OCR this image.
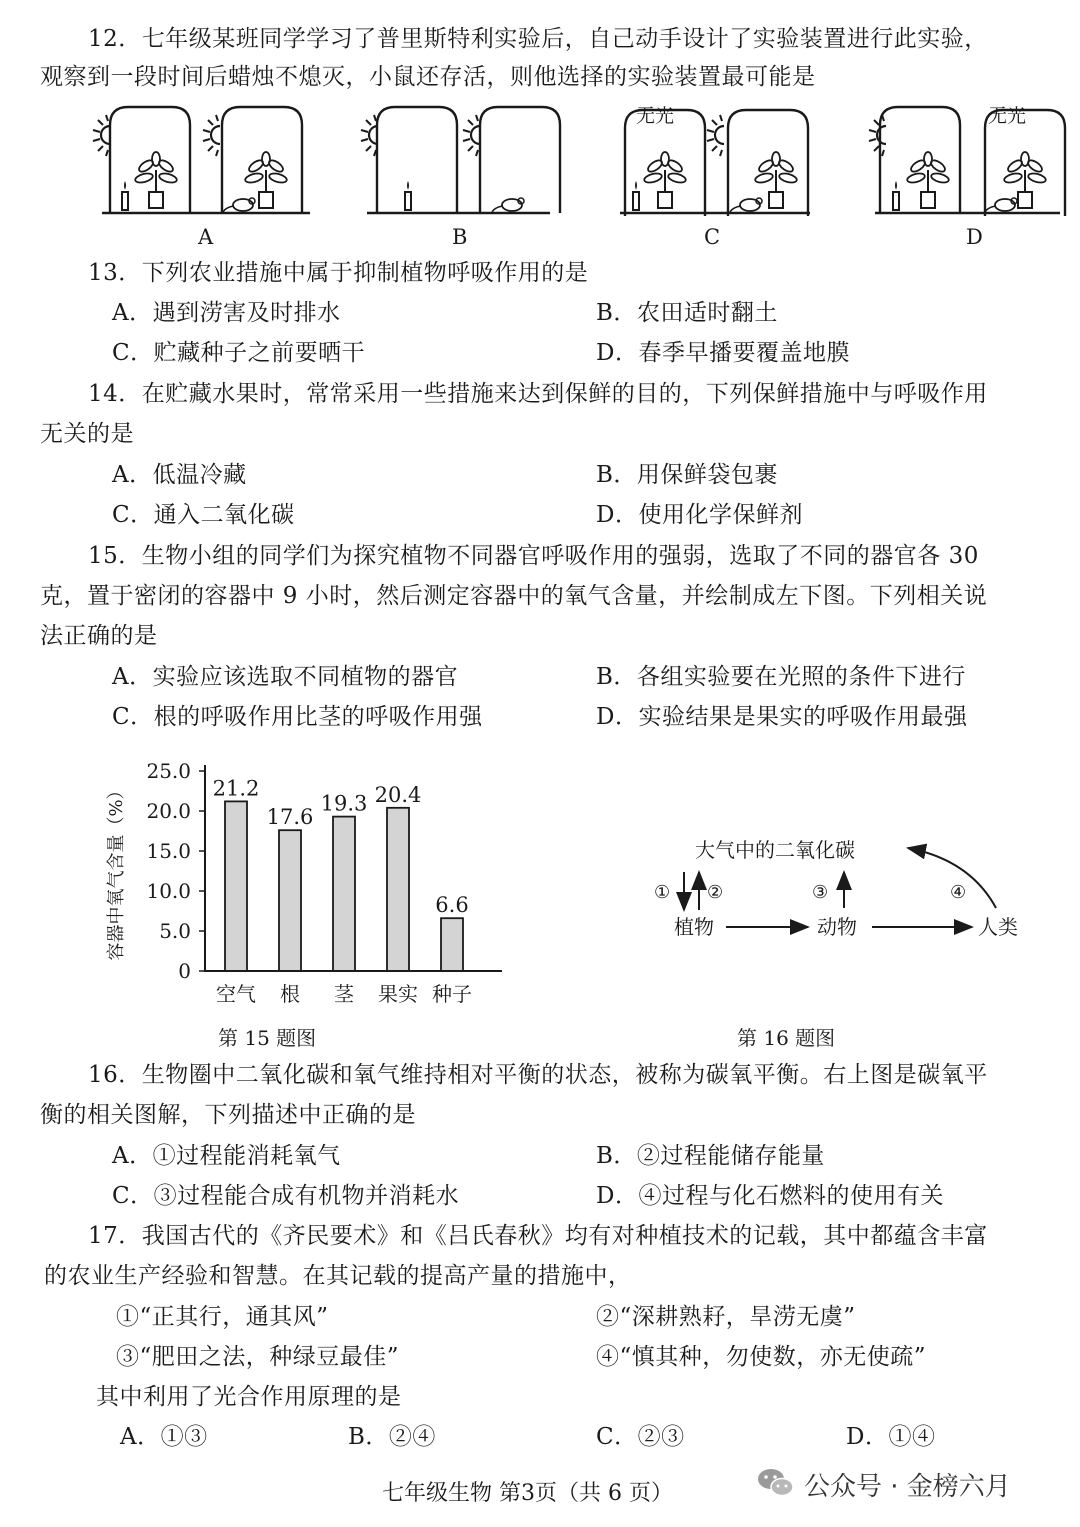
12．七年级某班同学学习了普里斯特利实验后，自己动手设计了实验装置进行此实验，
观察到一段时间后蜡烛不熄灭，小鼠还存活，则他选择的实验装置最可能是
A	B
无光
C
无光
D
13．下列农业措施中属于抑制植物呼吸作用的是
A．遇到涝害及时排水	B．农田适时翻土
C．贮藏种子之前要晒干	D．春季早播要覆盖地膜
14．在贮藏水果时，常常采用一些措施来达到保鲜的目的，下列保鲜措施中与呼吸作用
无关的是
A．低温冷藏	B．用保鲜袋包裹
C．通入二氧化碳	D．使用化学保鲜剂
15．生物小组的同学们为探究植物不同器官呼吸作用的强弱，选取了不同的器官各 30
克，置于密闭的容器中 9 小时，然后测定容器中的氧气含量，并绘制成左下图。下列相关说
法正确的是
A．实验应该选取不同植物的器官	B．各组实验要在光照的条件下进行
C．根的呼吸作用比茎的呼吸作用强	D．实验结果是果实的呼吸作用最强
容器中氧气含量（%）
0
5.0
10.0
15.0
20.0
25.0
21.2
17.6
19.3 20.4
6.6
空气 根 茎 果实 种子
第 15 题图
大气中的二氧化碳
植物	动物	人类
① ②	③	④
第 16 题图
16．生物圈中二氧化碳和氧气维持相对平衡的状态，被称为碳氧平衡。右上图是碳氧平
衡的相关图解，下列描述中正确的是
A．①过程能消耗氧气	B．②过程能储存能量
C．③过程能合成有机物并消耗水	D．④过程与化石燃料的使用有关
17．我国古代的《齐民要术》和《吕氏春秋》均有对种植技术的记载，其中都蕴含丰富
的农业生产经验和智慧。在其记载的提高产量的措施中，
①“正其行，通其风”	②“深耕熟耔，旱涝无虞”
③“肥田之法，种绿豆最佳”	④“慎其种，勿使数，亦无使疏”
其中利用了光合作用原理的是
A．①③	B．②④	C．②③	D．①④
七年级生物 第3页（共 6 页）	公众号 · 金榜六月
